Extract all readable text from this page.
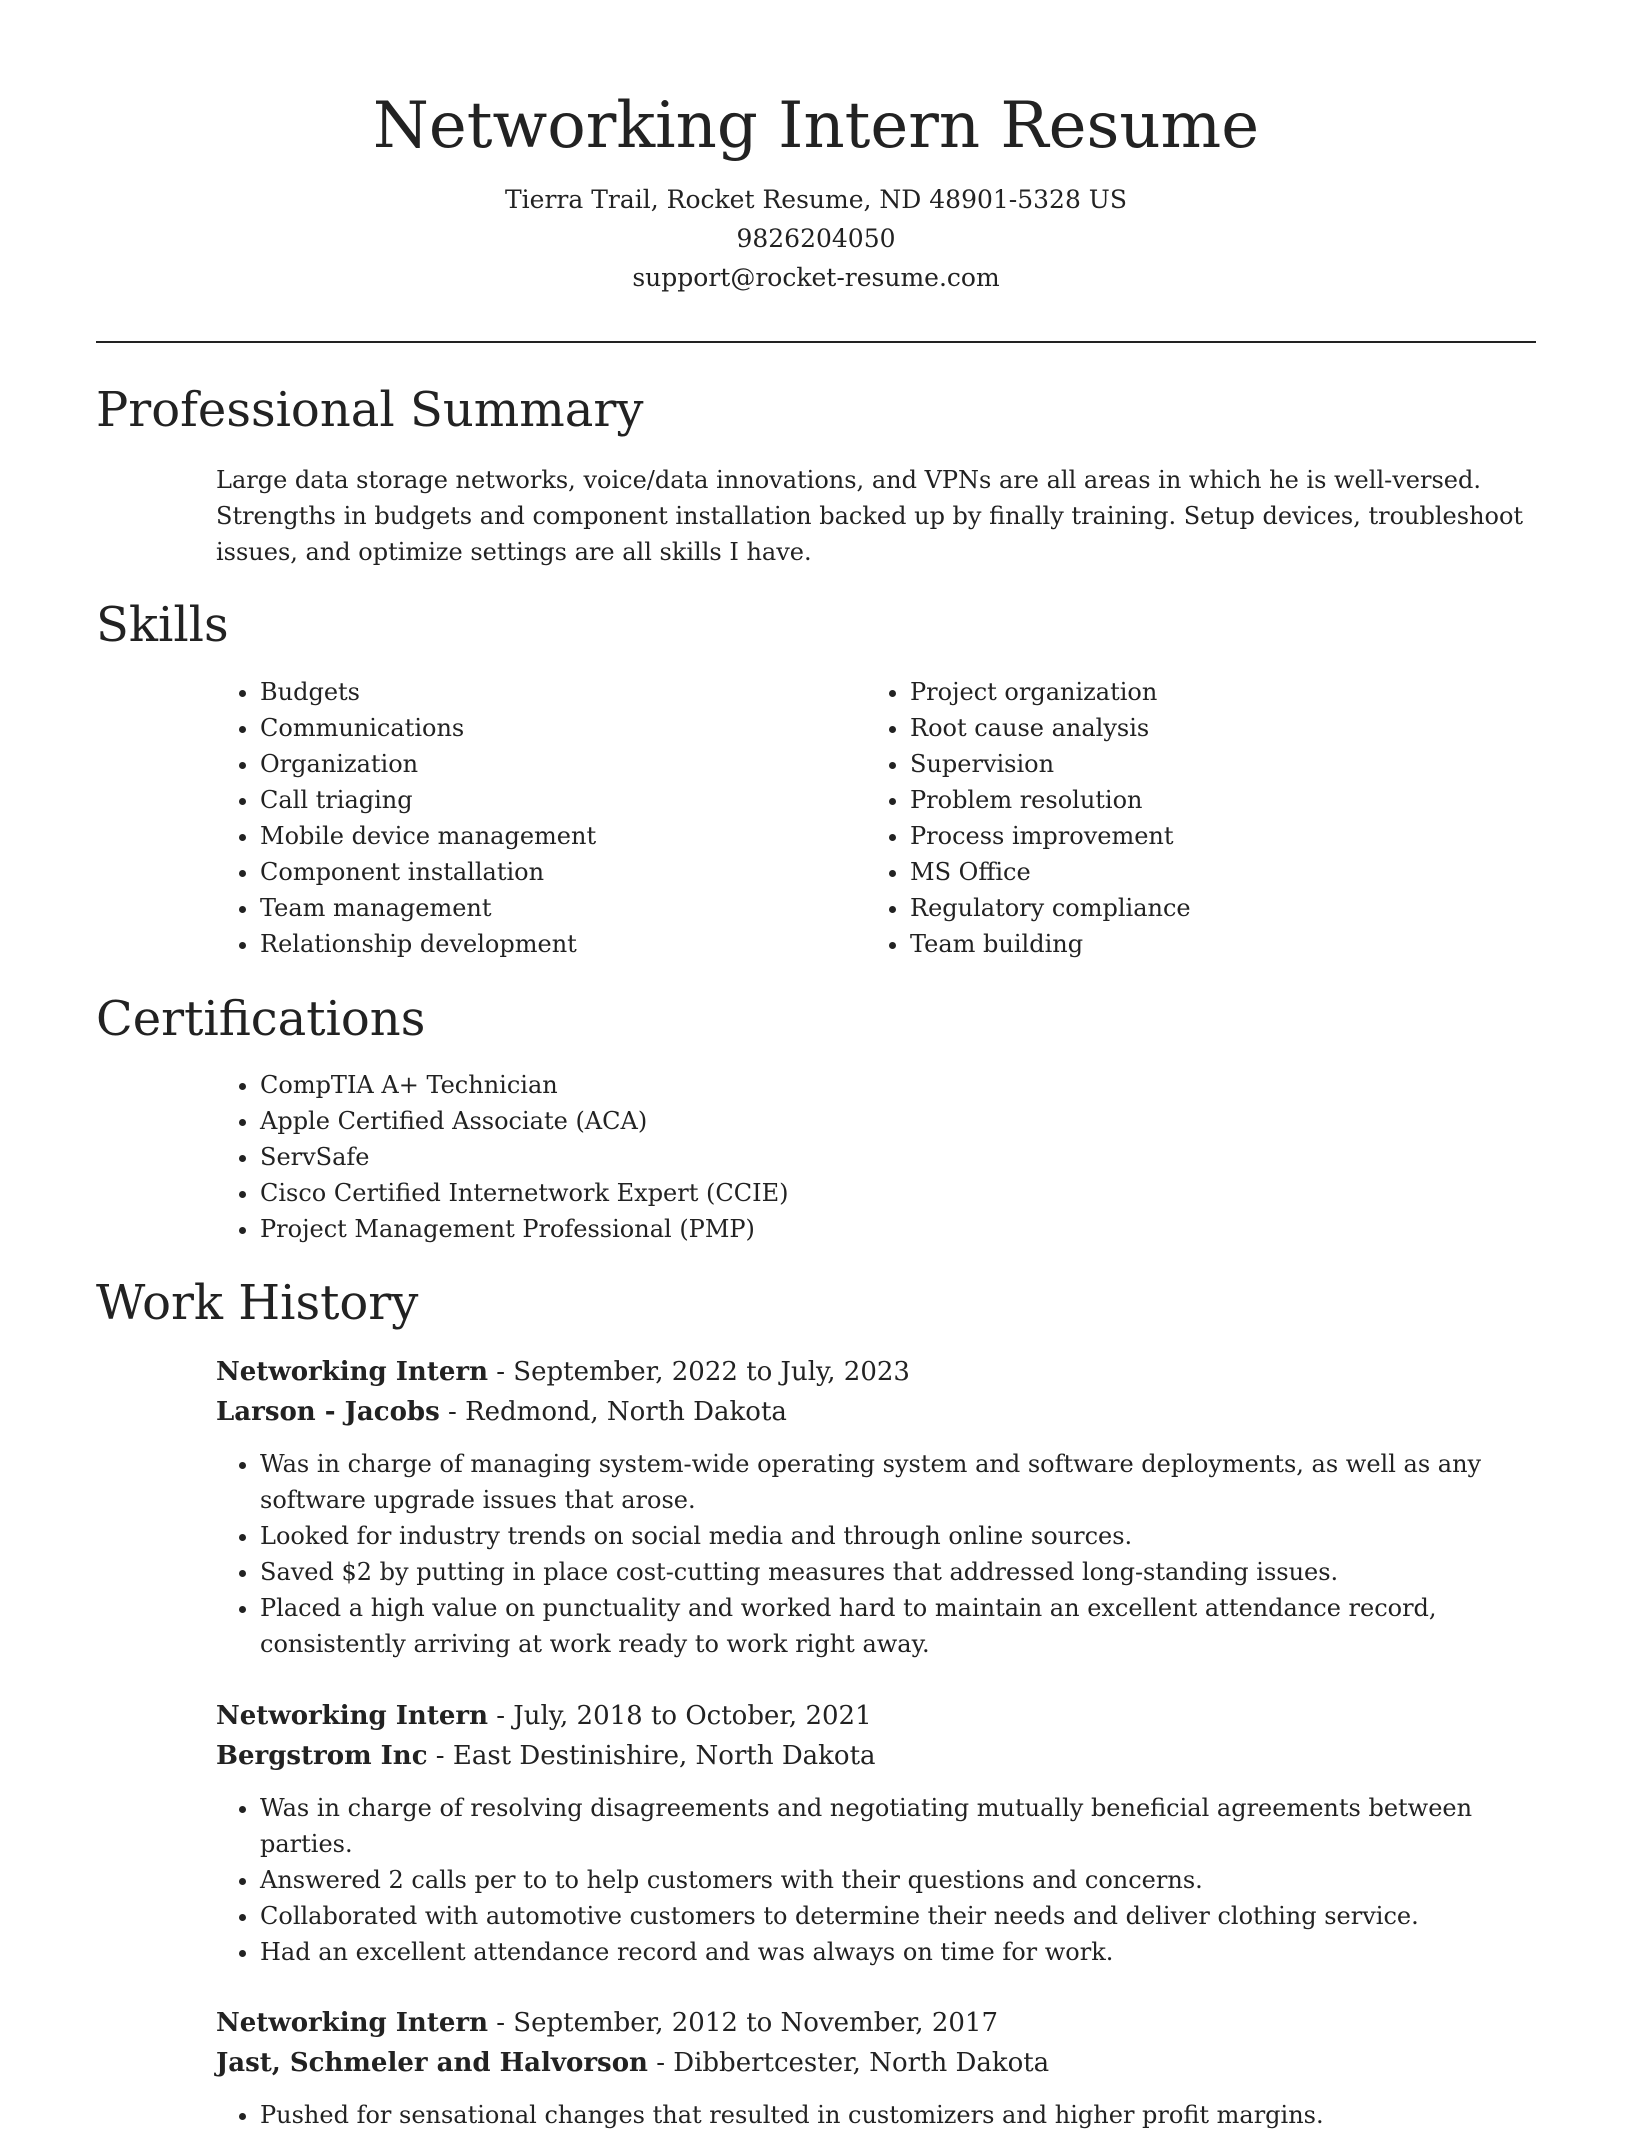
Networking Intern Resume

Tierra Trail, Rocket Resume, ND 48901-5328 US

9826204050

support@rocket-resume.com

Professional Summary

Large data storage networks, voice/data innovations, and VPNs are all areas in which he is well-versed. Strengths in budgets and component installation backed up by finally training. Setup devices, troubleshoot issues, and optimize settings are all skills I have.

Skills
• Budgets
• Communications
• Organization
• Call triaging
• Mobile device management
• Component installation
• Team management
• Relationship development
• Project organization
• Root cause analysis
• Supervision
• Problem resolution
• Process improvement
• MS Office
• Regulatory compliance
• Team building
Certifications
• CompTIA A+ Technician
• Apple Certified Associate (ACA)
• ServSafe
• Cisco Certified Internetwork Expert (CCIE)
• Project Management Professional (PMP)
Work History

Networking Intern - September, 2022 to July, 2023

Larson - Jacobs - Redmond, North Dakota

• Was in charge of managing system-wide operating system and software deployments, as well as any software upgrade issues that arose.
• Looked for industry trends on social media and through online sources.
• Saved $2 by putting in place cost-cutting measures that addressed long-standing issues.
• Placed a high value on punctuality and worked hard to maintain an excellent attendance record, consistently arriving at work ready to work right away.

Networking Intern - July, 2018 to October, 2021

Bergstrom Inc - East Destinishire, North Dakota

• Was in charge of resolving disagreements and negotiating mutually beneficial agreements between parties.
• Answered 2 calls per to to help customers with their questions and concerns.
• Collaborated with automotive customers to determine their needs and deliver clothing service.
• Had an excellent attendance record and was always on time for work.

Networking Intern - September, 2012 to November, 2017

Jast, Schmeler and Halvorson - Dibbertcester, North Dakota

• Pushed for sensational changes that resulted in customizers and higher profit margins.
